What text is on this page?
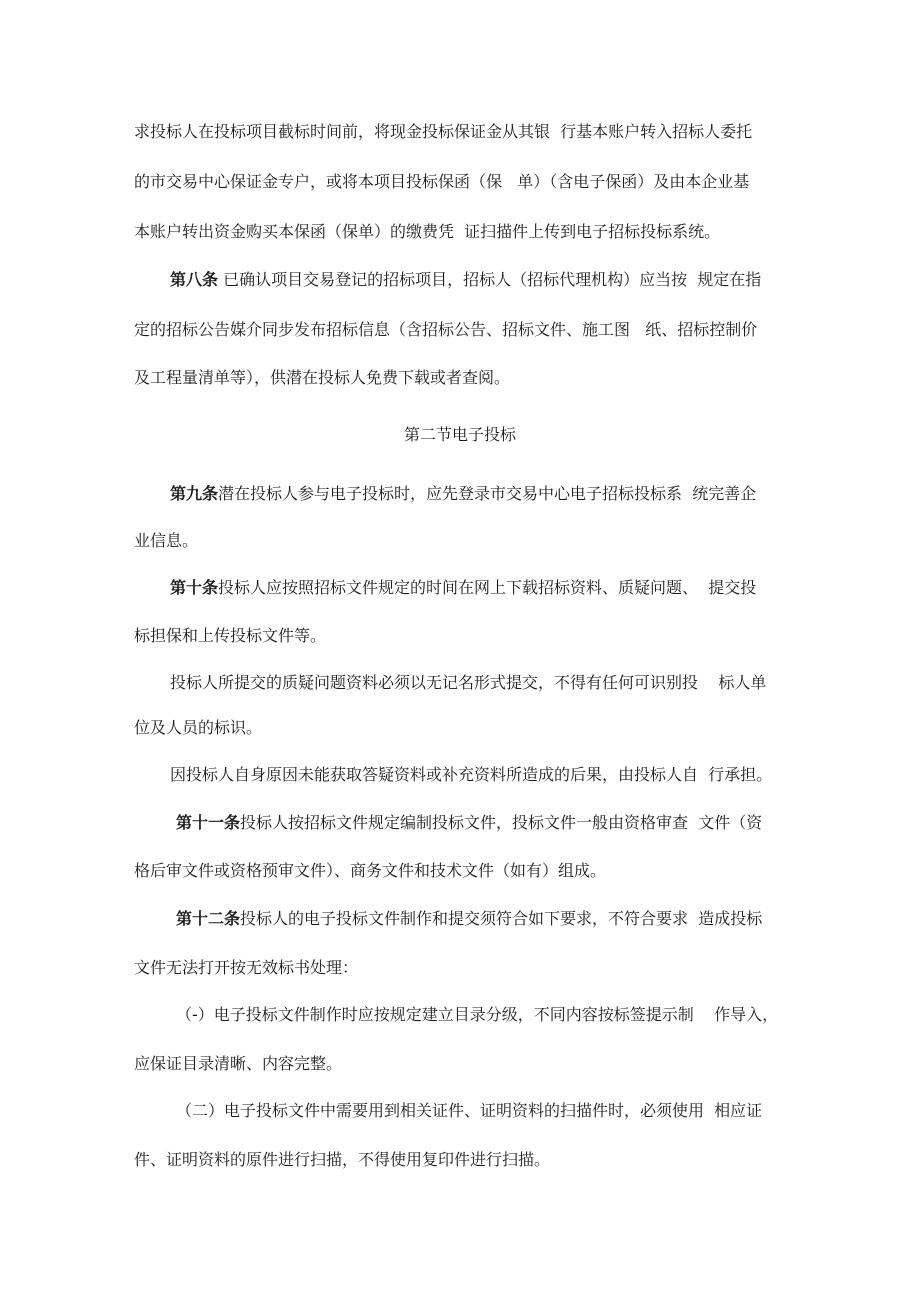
求投标人在投标项目截标时间前，将现金投标保证金从其银  行基本账户转入招标人委托
的市交易中心保证金专户，或将本项目投标保函（保   单）（含电子保函）及由本企业基
本账户转出资金购买本保函（保单）的缴费凭  证扫描件上传到电子招标投标系统。
第八条 已确认项目交易登记的招标项目，招标人（招标代理机构）应当按  规定在指
定的招标公告媒介同步发布招标信息（含招标公告、招标文件、施工图   纸、招标控制价
及工程量清单等），供潜在投标人免费下载或者查阅。
第二节电子投标
第九条潜在投标人参与电子投标时，应先登录市交易中心电子招标投标系  统完善企
业信息。
第十条投标人应按照招标文件规定的时间在网上下载招标资料、质疑问题、  提交投
标担保和上传投标文件等。
投标人所提交的质疑问题资料必须以无记名形式提交，不得有任何可识别投    标人单
位及人员的标识。
因投标人自身原因未能获取答疑资料或补充资料所造成的后果，由投标人自  行承担。
第十一条投标人按招标文件规定编制投标文件，投标文件一般由资格审查  文件（资
格后审文件或资格预审文件）、商务文件和技术文件（如有）组成。
第十二条投标人的电子投标文件制作和提交须符合如下要求，不符合要求  造成投标
文件无法打开按无效标书处理：
（-）电子投标文件制作时应按规定建立目录分级，不同内容按标签提示制    作导入，
应保证目录清晰、内容完整。
（二）电子投标文件中需要用到相关证件、证明资料的扫描件时，必须使用  相应证
件、证明资料的原件进行扫描，不得使用复印件进行扫描。
